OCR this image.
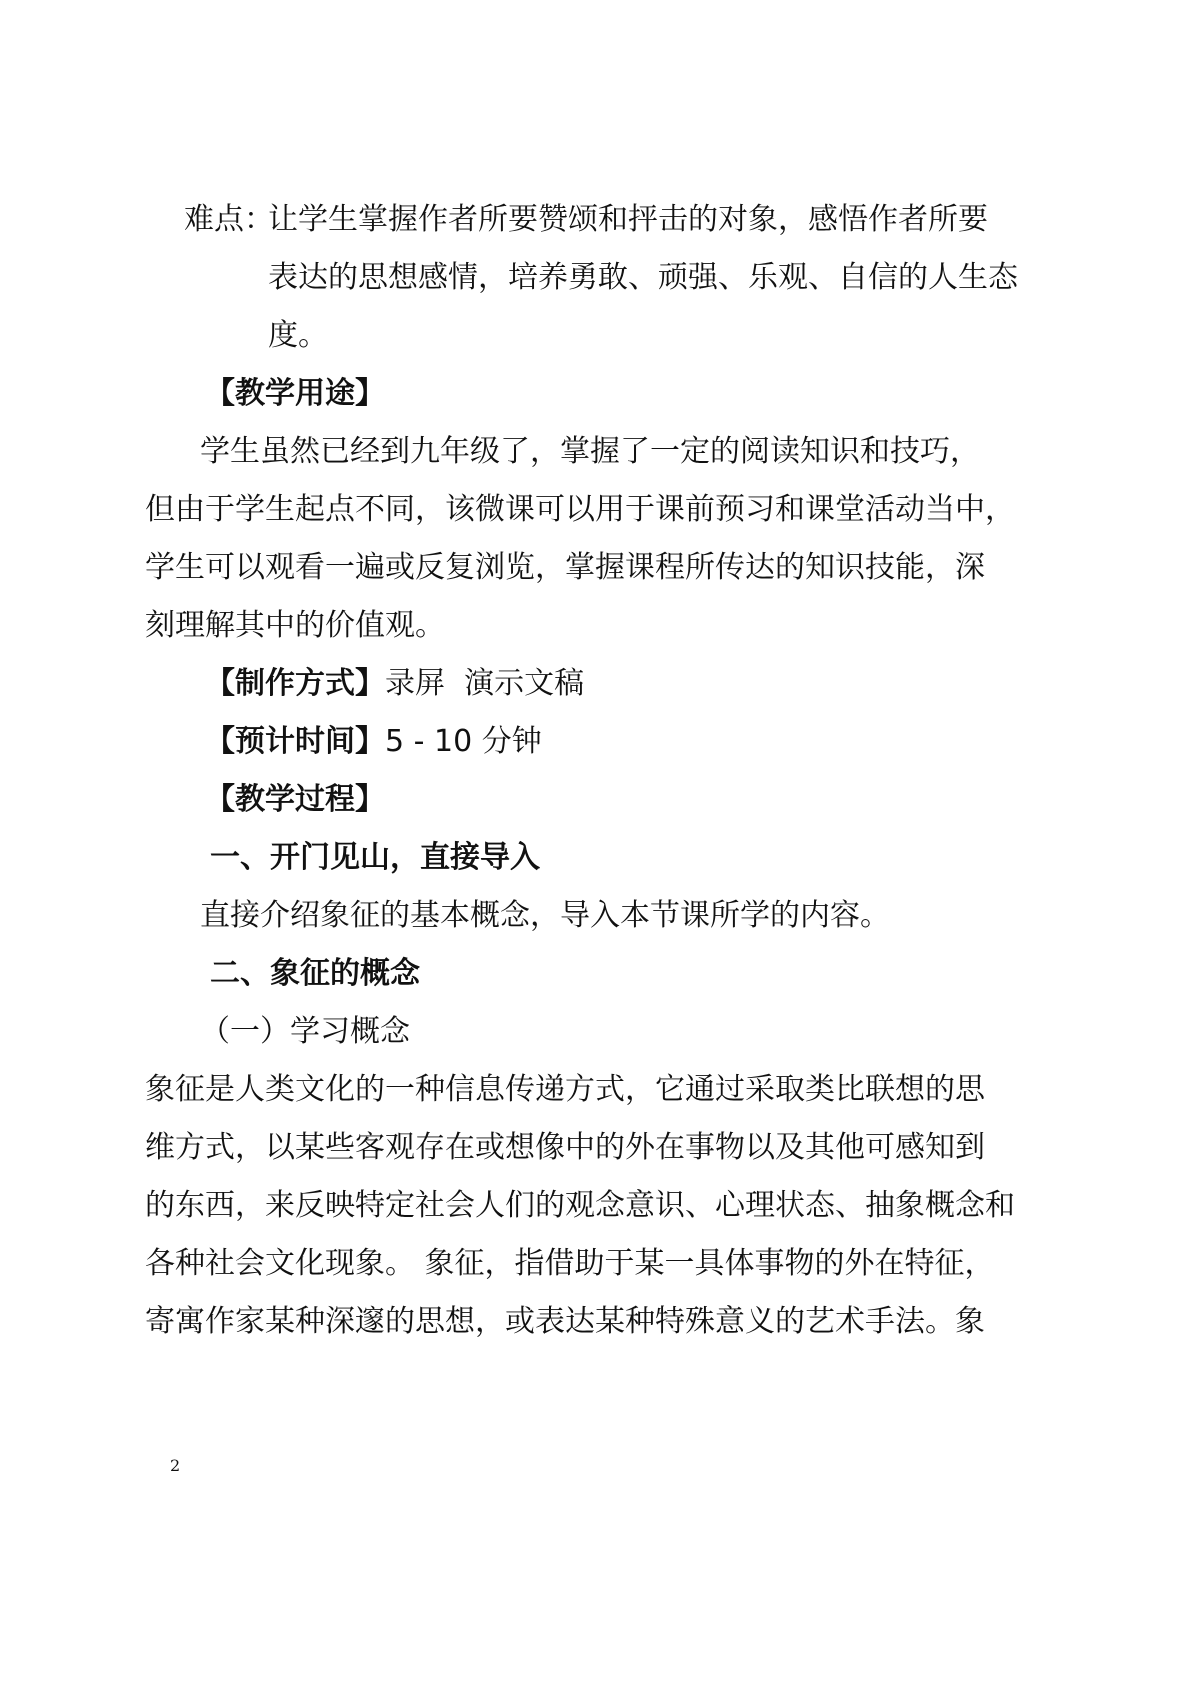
难点：
让学生掌握作者所要赞颂和抨击的对象，感悟作者所要
表达的思想感情，培养勇敢、顽强、乐观、自信的人生态
度。
【教学用途】
学生虽然已经到九年级了，掌握了一定的阅读知识和技巧，
但由于学生起点不同，该微课可以用于课前预习和课堂活动当中，
学生可以观看一遍或反复浏览，掌握课程所传达的知识技能，深
刻理解其中的价值观。
【制作方式】录屏  演示文稿
【预计时间】5 - 10 分钟
【教学过程】
一、开门见山，直接导入
直接介绍象征的基本概念，导入本节课所学的内容。
二、象征的概念
（一）学习概念
象征是人类文化的一种信息传递方式，它通过采取类比联想的思
维方式，以某些客观存在或想像中的外在事物以及其他可感知到
的东西，来反映特定社会人们的观念意识、心理状态、抽象概念和
各种社会文化现象。 象征，指借助于某一具体事物的外在特征，
寄寓作家某种深邃的思想，或表达某种特殊意义的艺术手法。象
2
